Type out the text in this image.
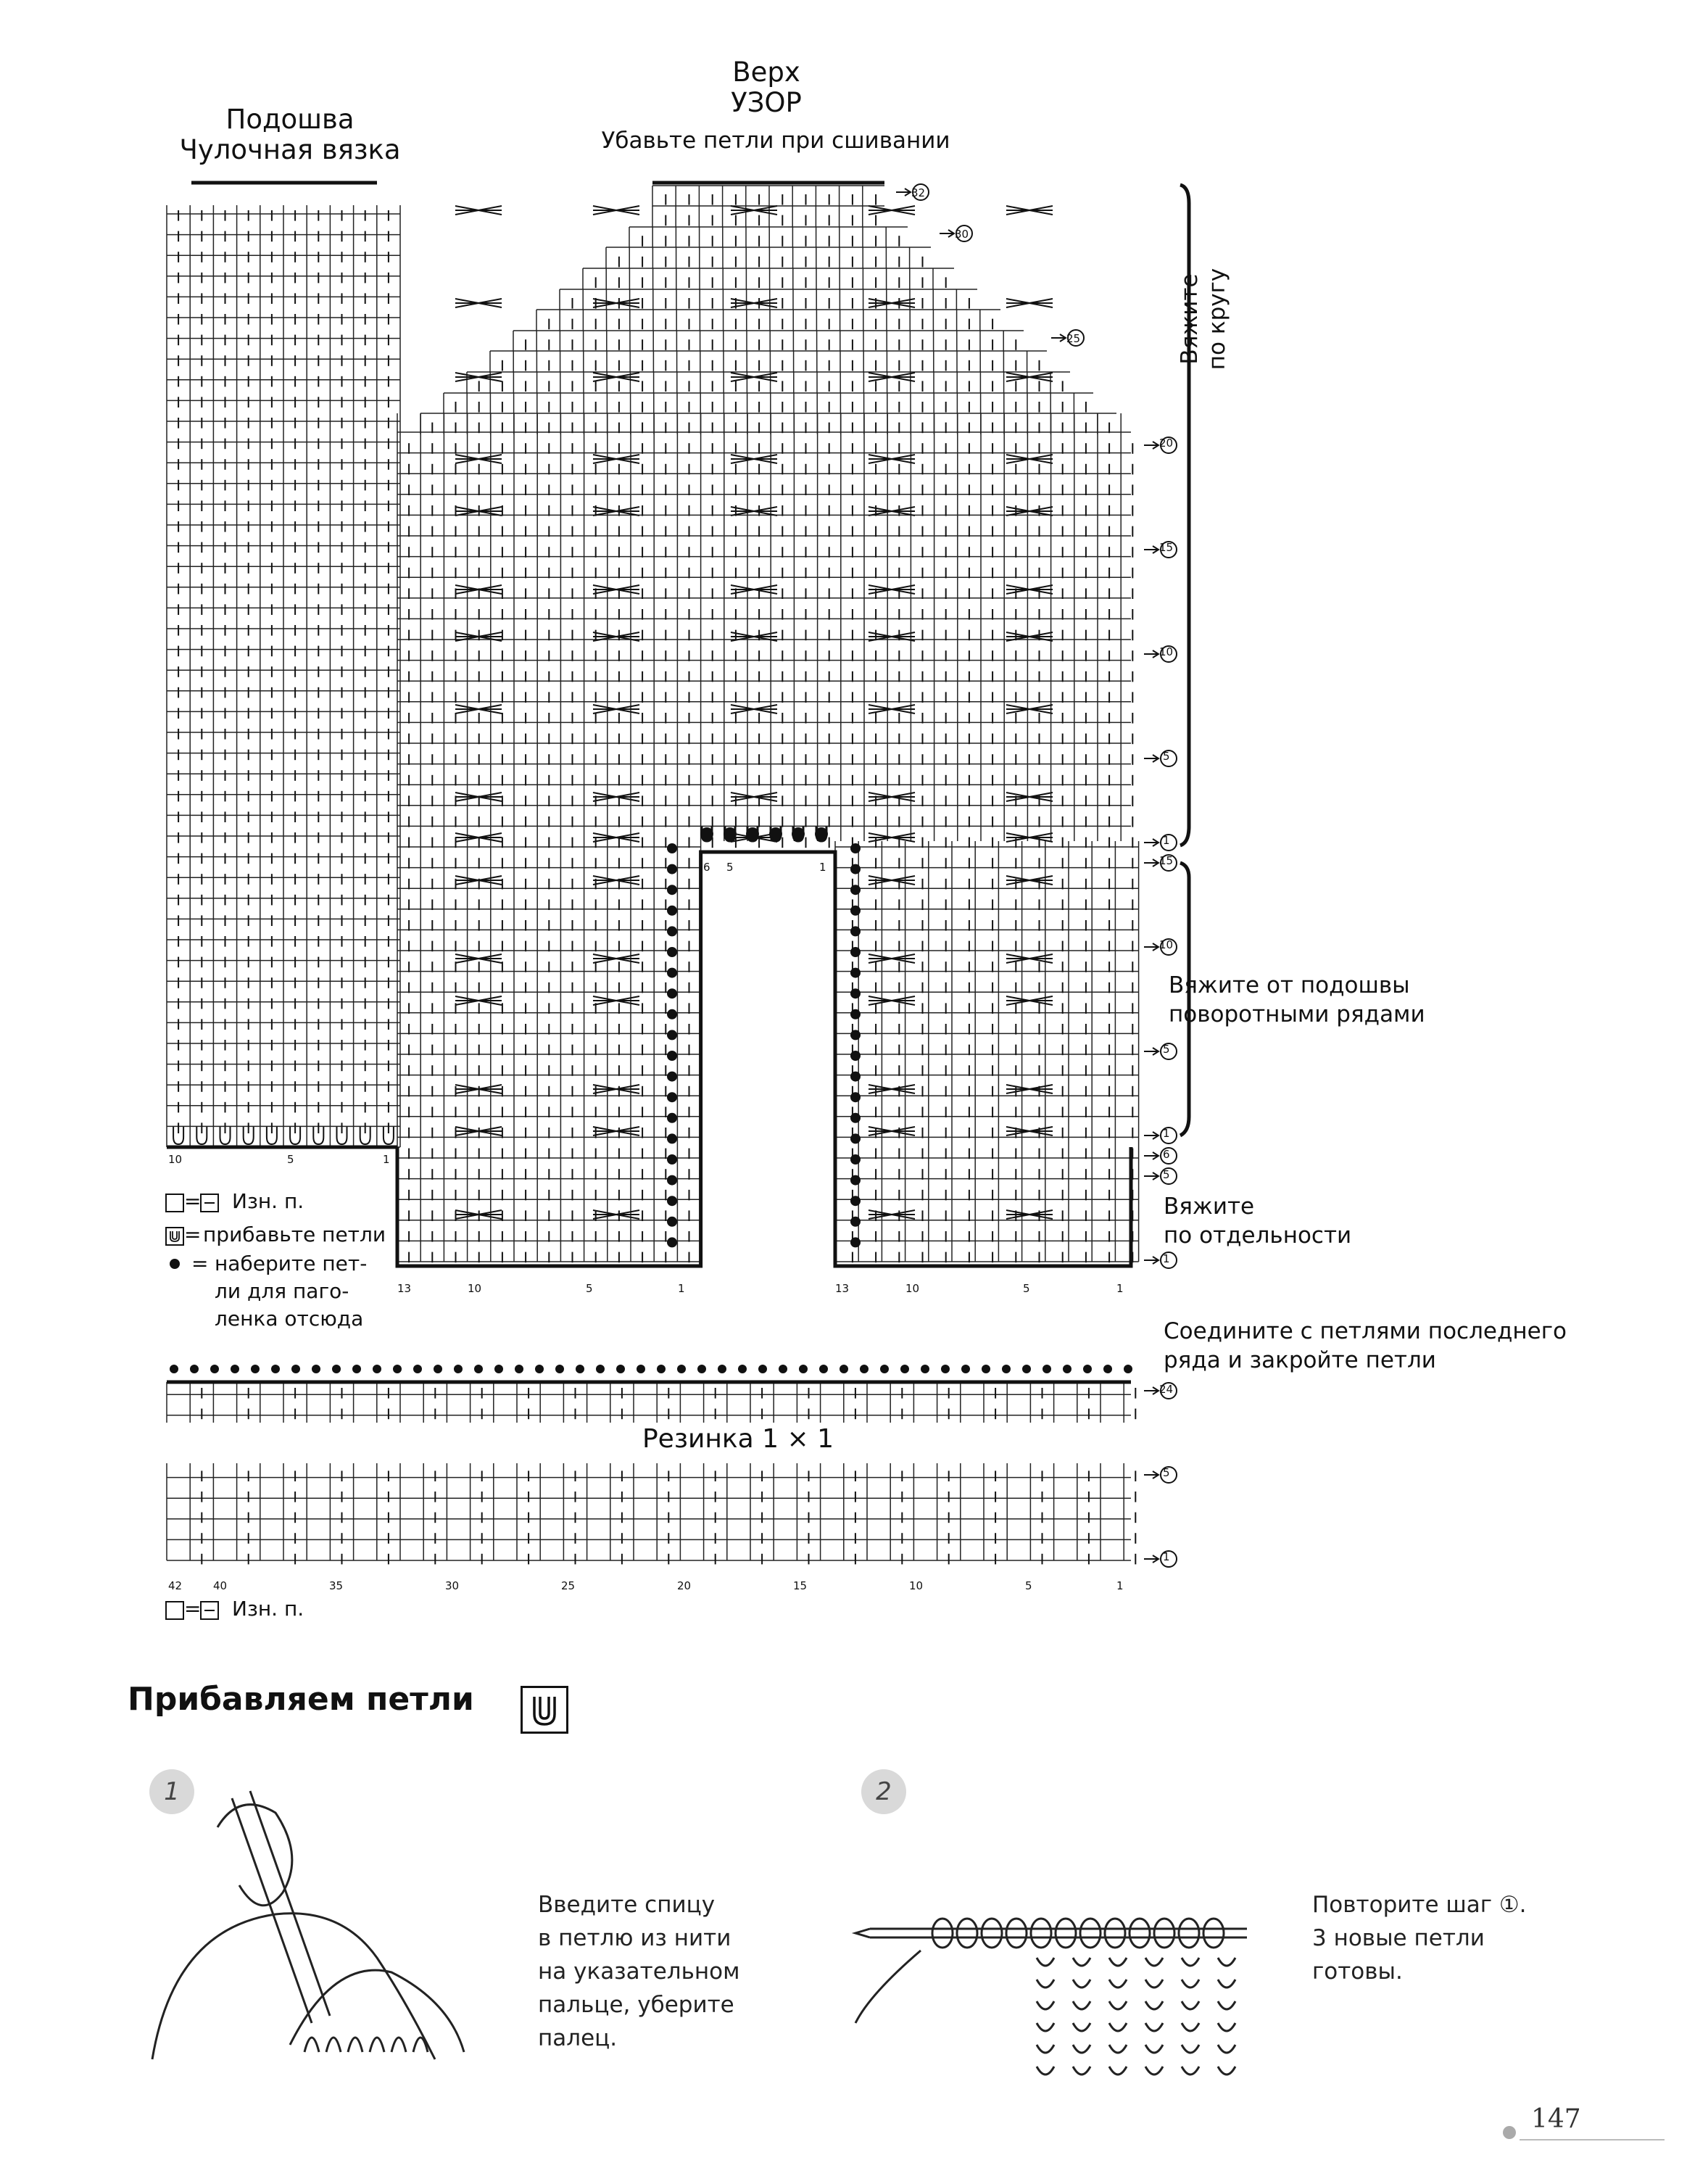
Подошва
Чулочная вязка
Верх
УЗОР
Убавьте петли при сшивании
10	5	1
6 5	1
13	10	5	1	13	10	5	1
32
30
25
20
15
10
5
1
15
10
5
1
6
5
1
Вяжите по кругу
Вяжите от подошвы
поворотными рядами
Вяжите
по отдельности
Соедините с петлями последнего
ряда и закройте петли
= Изн. п.
= прибавьте петли
= наберите пет-
ли для паго-
ленка отсюда
Резинка 1 × 1
24
5
1
42	40	35	30	25	20	15	10	5	1
= Изн. п.
Прибавляем петли
1	2
Введите спицу
в петлю из нити
на указательном
пальце, уберите
палец.
Повторите шаг ①.
3 новые петли
готовы.
147
